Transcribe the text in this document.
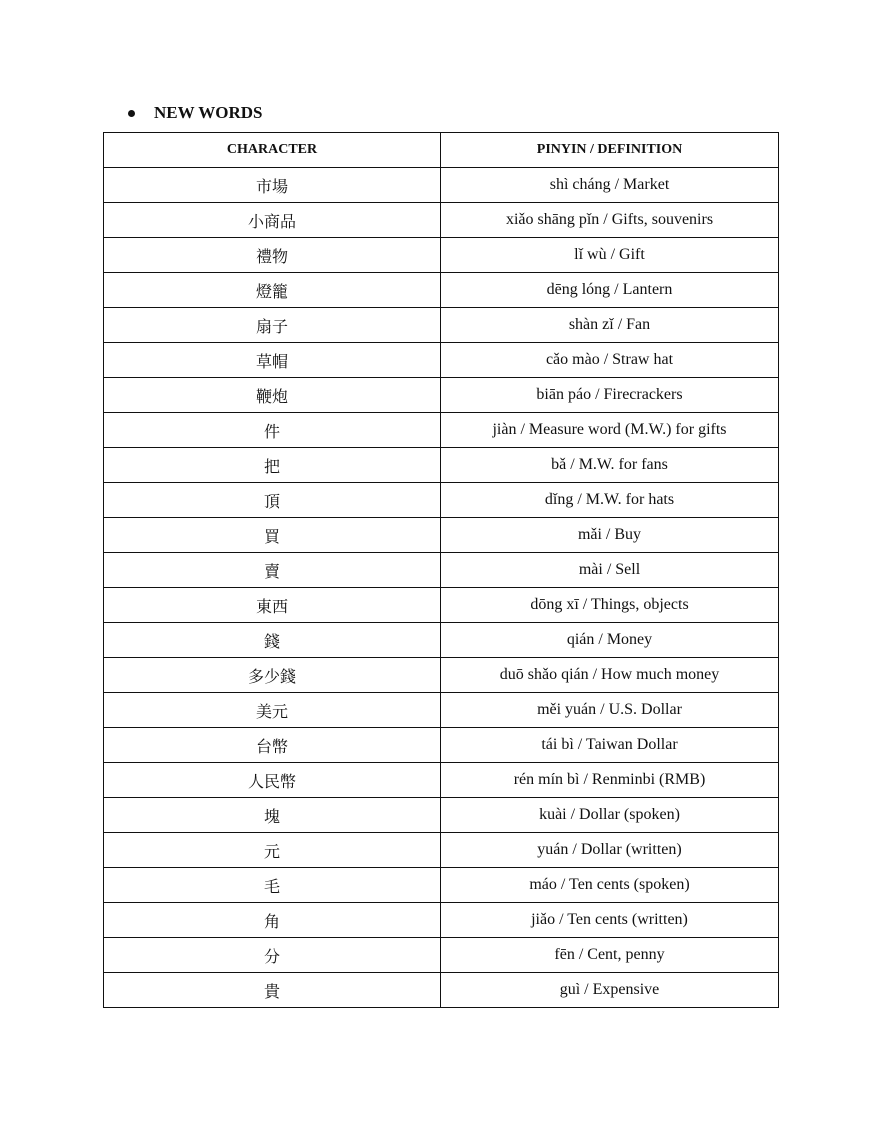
NEW WORDS
CHARACTER	PINYIN / DEFINITION
市場	shì cháng / Market
小商品	xiǎo shāng pǐn / Gifts, souvenirs
禮物	lǐ wù / Gift
燈籠	dēng lóng / Lantern
扇子	shàn zǐ / Fan
草帽	cǎo mào / Straw hat
鞭炮	biān páo / Firecrackers
件	jiàn / Measure word (M.W.) for gifts
把	bǎ / M.W. for fans
頂	dǐng / M.W. for hats
買	mǎi / Buy
賣	mài / Sell
東西	dōng xī / Things, objects
錢	qián / Money
多少錢	duō shǎo qián / How much money
美元	měi yuán / U.S. Dollar
台幣	tái bì / Taiwan Dollar
人民幣	rén mín bì / Renminbi (RMB)
塊	kuài / Dollar (spoken)
元	yuán / Dollar (written)
毛	máo / Ten cents (spoken)
角	jiǎo / Ten cents (written)
分	fēn / Cent, penny
貴	guì / Expensive
